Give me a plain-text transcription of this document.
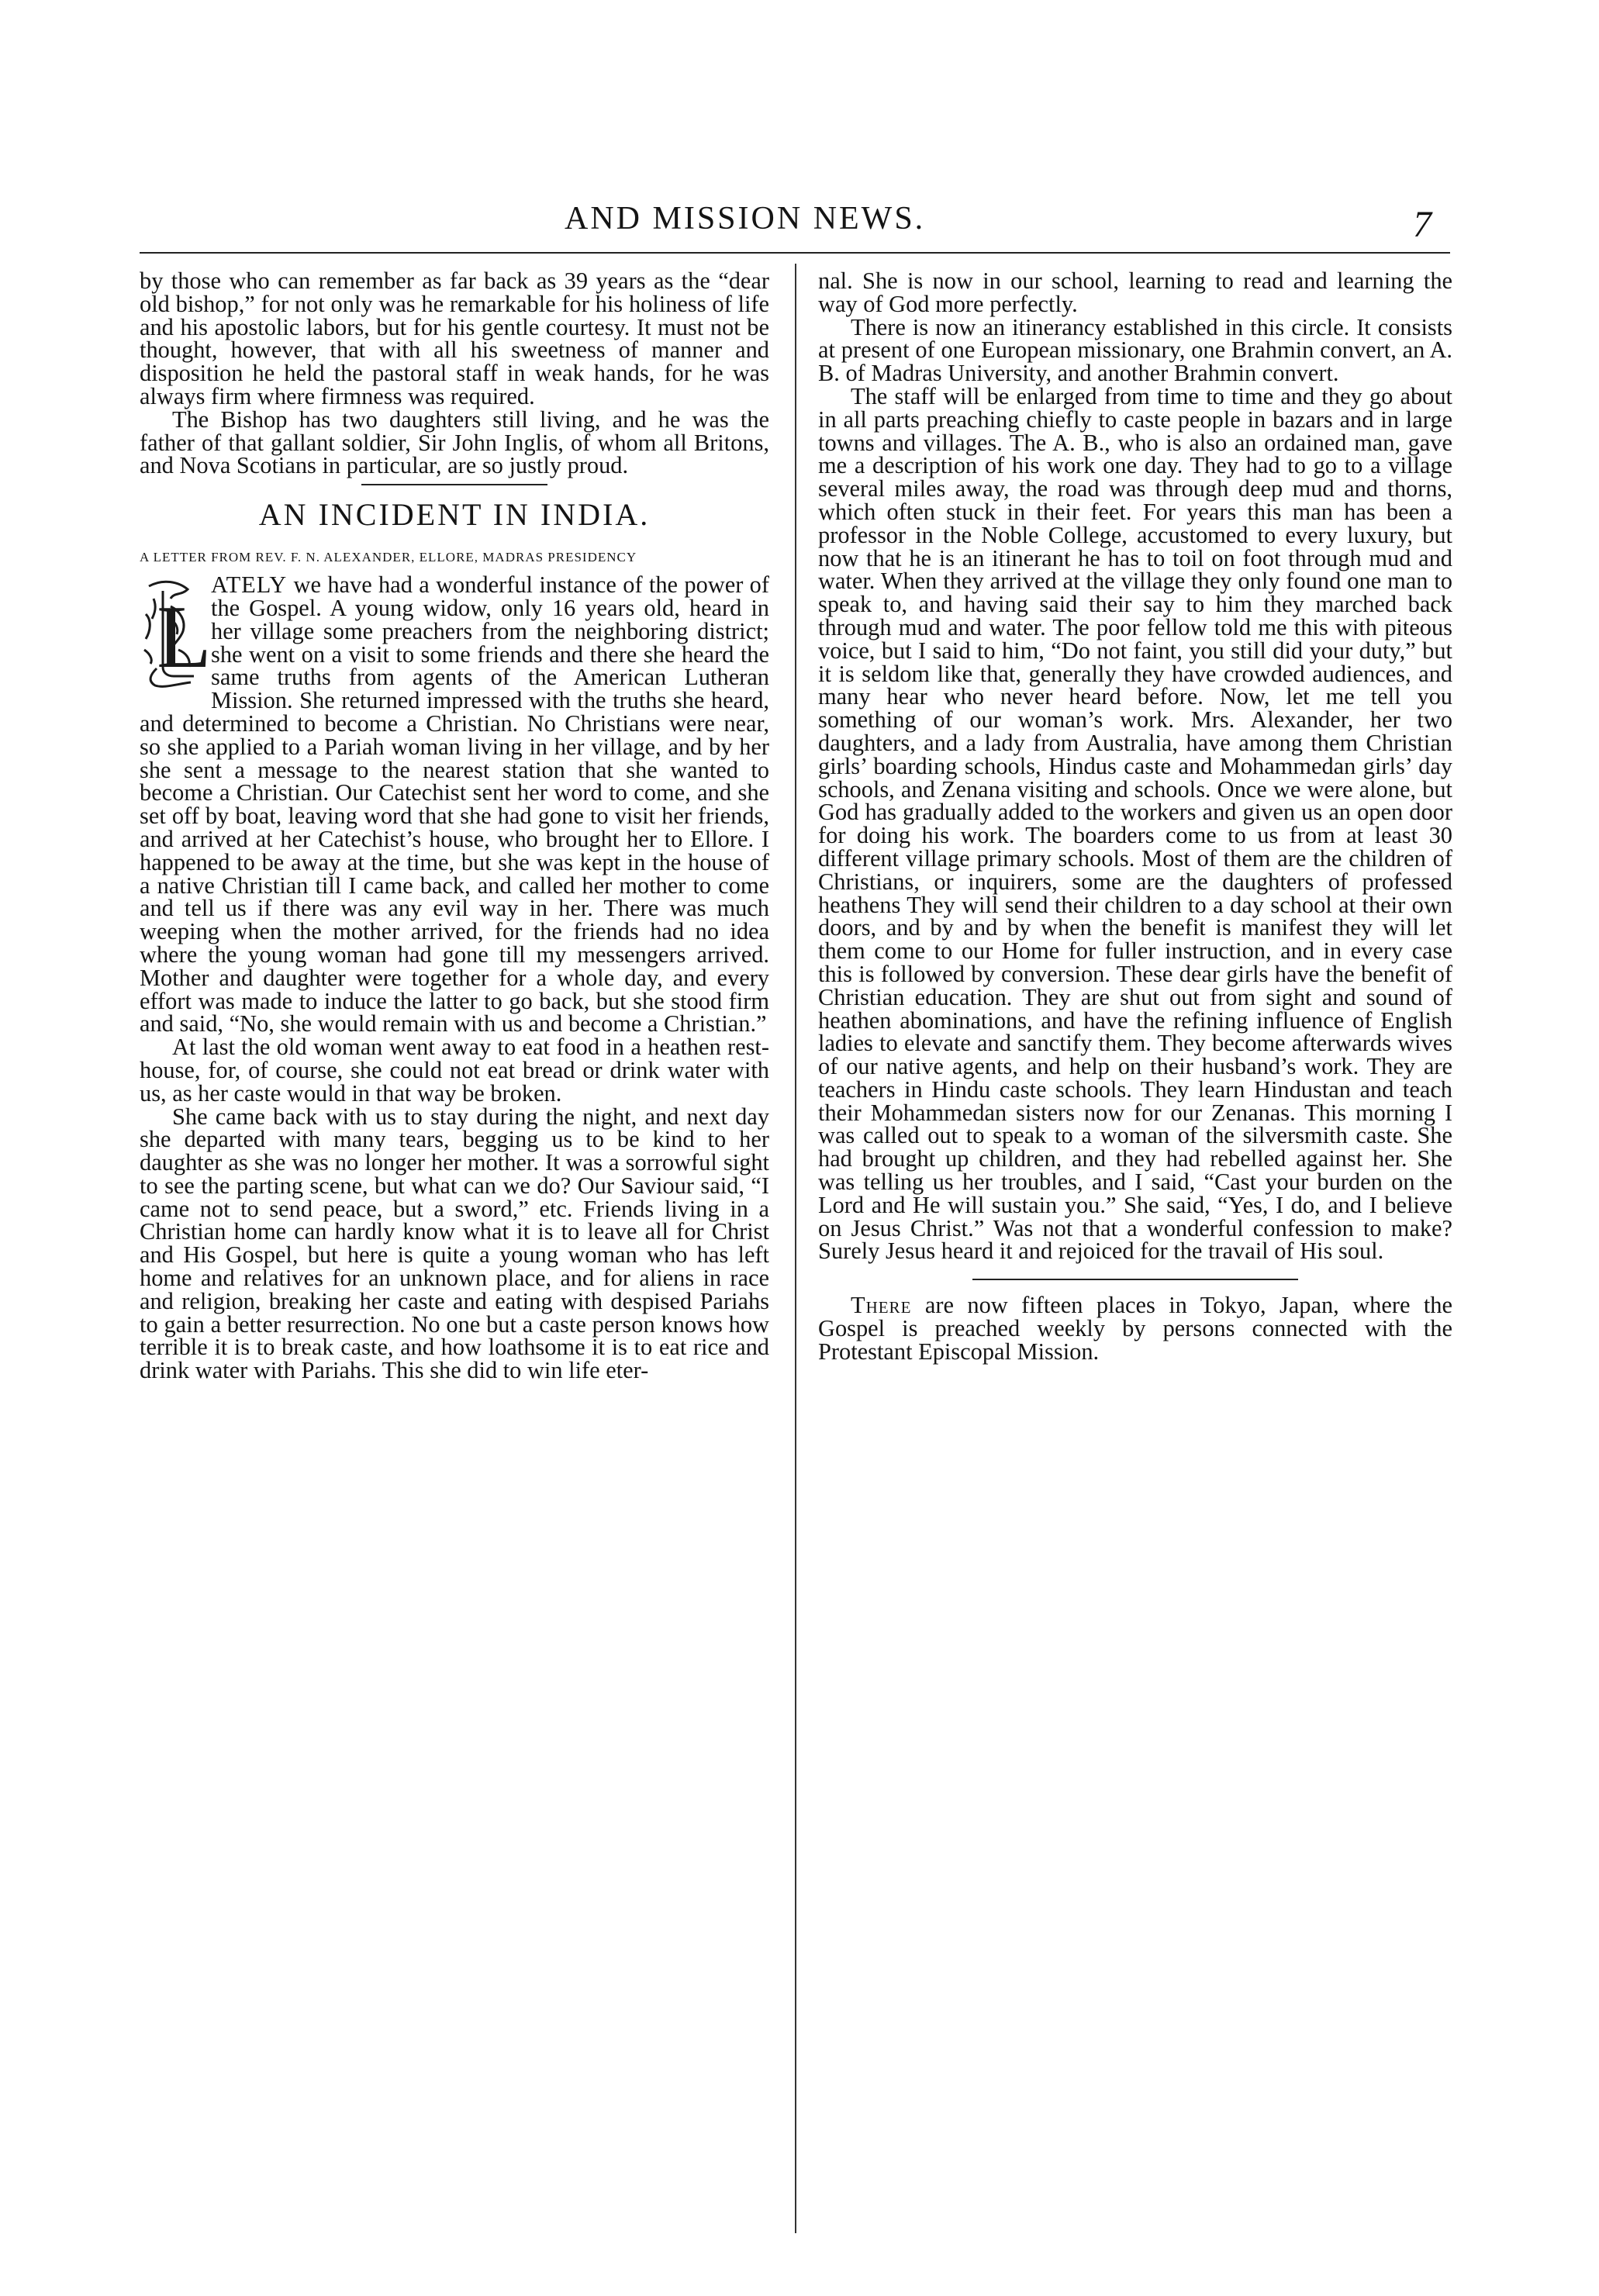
AND MISSION NEWS.	7

by those who can remember as far back as 39 years as the “dear old bishop,” for not only was he remarkable for his holiness of life and his apostolic labors, but for his gentle courtesy. It must not be thought, however, that with all his sweetness of manner and disposition he held the pastoral staff in weak hands, for he was always firm where firmness was required.

The Bishop has two daughters still living, and he was the father of that gallant soldier, Sir John Inglis, of whom all Britons, and Nova Scotians in particular, are so justly proud.

AN INCIDENT IN INDIA.
A LETTER FROM REV. F. N. ALEXANDER, ELLORE, MADRAS PRESIDENCY

L
ATELY we have had a wonderful instance of the power of the Gospel. A young widow, only 16 years old, heard in her village some preachers from the neighboring district; she went on a visit to some friends and there she heard the same truths from agents of the American Lutheran Mission. She returned impressed with the truths she heard, and determined to become a Christian. No Christians were near, so she applied to a Pariah woman living in her village, and by her she sent a message to the nearest station that she wanted to become a Christian. Our Catechist sent her word to come, and she set off by boat, leaving word that she had gone to visit her friends, and arrived at her Catechist’s house, who brought her to Ellore. I happened to be away at the time, but she was kept in the house of a native Christian till I came back, and called her mother to come and tell us if there was any evil way in her. There was much weeping when the mother arrived, for the friends had no idea where the young woman had gone till my messengers arrived. Mother and daughter were together for a whole day, and every effort was made to induce the latter to go back, but she stood firm and said, “No, she would remain with us and become a Christian.”

At last the old woman went away to eat food in a heathen rest-house, for, of course, she could not eat bread or drink water with us, as her caste would in that way be broken.

She came back with us to stay during the night, and next day she departed with many tears, begging us to be kind to her daughter as she was no longer her mother. It was a sorrowful sight to see the parting scene, but what can we do? Our Saviour said, “I came not to send peace, but a sword,” etc. Friends living in a Christian home can hardly know what it is to leave all for Christ and His Gospel, but here is quite a young woman who has left home and relatives for an unknown place, and for aliens in race and religion, breaking her caste and eating with despised Pariahs to gain a better resurrection. No one but a caste person knows how terrible it is to break caste, and how loathsome it is to eat rice and drink water with Pariahs. This she did to win life eter-

nal. She is now in our school, learning to read and learning the way of God more perfectly.

There is now an itinerancy established in this circle. It consists at present of one European missionary, one Brahmin convert, an A. B. of Madras University, and another Brahmin convert.

The staff will be enlarged from time to time and they go about in all parts preaching chiefly to caste people in bazars and in large towns and villages. The A. B., who is also an ordained man, gave me a description of his work one day. They had to go to a village several miles away, the road was through deep mud and thorns, which often stuck in their feet. For years this man has been a professor in the Noble College, accustomed to every luxury, but now that he is an itinerant he has to toil on foot through mud and water. When they arrived at the village they only found one man to speak to, and having said their say to him they marched back through mud and water. The poor fellow told me this with piteous voice, but I said to him, “Do not faint, you still did your duty,” but it is seldom like that, generally they have crowded audiences, and many hear who never heard before. Now, let me tell you something of our woman’s work. Mrs. Alexander, her two daughters, and a lady from Australia, have among them Christian girls’ boarding schools, Hindus caste and Mohammedan girls’ day schools, and Zenana visiting and schools. Once we were alone, but God has gradually added to the workers and given us an open door for doing his work. The boarders come to us from at least 30 different village primary schools. Most of them are the children of Christians, or inquirers, some are the daughters of professed heathens They will send their children to a day school at their own doors, and by and by when the benefit is manifest they will let them come to our Home for fuller instruction, and in every case this is followed by conversion. These dear girls have the benefit of Christian education. They are shut out from sight and sound of heathen abominations, and have the refining influence of English ladies to elevate and sanctify them. They become afterwards wives of our native agents, and help on their husband’s work. They are teachers in Hindu caste schools. They learn Hindustan and teach their Mohammedan sisters now for our Zenanas. This morning I was called out to speak to a woman of the silversmith caste. She had brought up children, and they had rebelled against her. She was telling us her troubles, and I said, “Cast your burden on the Lord and He will sustain you.” She said, “Yes, I do, and I believe on Jesus Christ.” Was not that a wonderful confession to make? Surely Jesus heard it and rejoiced for the travail of His soul.

There are now fifteen places in Tokyo, Japan, where the Gospel is preached weekly by persons connected with the Protestant Episcopal Mission.
